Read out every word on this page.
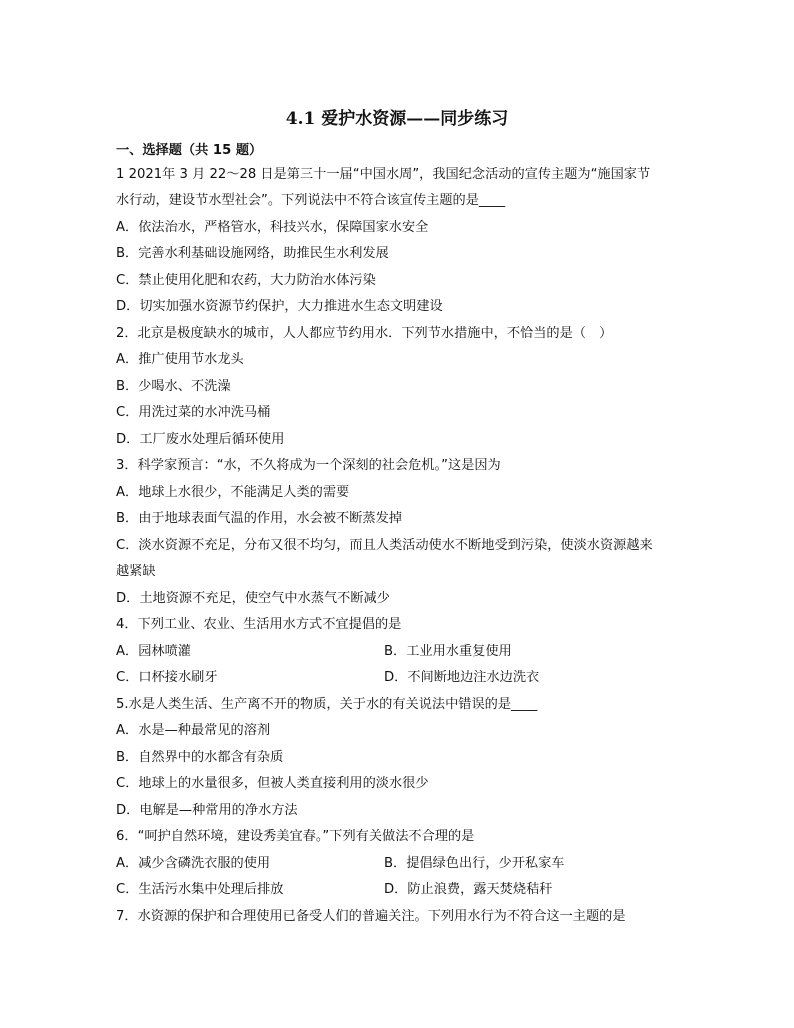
4.1 爱护水资源——同步练习
一、选择题（共 15 题）
1 2021年 3 月 22～28 日是第三十一届“中国水周”，我国纪念活动的宣传主题为“施国家节
水行动，建设节水型社会”。下列说法中不符合该宣传主题的是____
A．依法治水，严格管水，科技兴水，保障国家水安全
B．完善水利基础设施网络，助推民生水利发展
C．禁止使用化肥和农药，大力防治水体污染
D．切实加强水资源节约保护，大力推进水生态文明建设
2．北京是极度缺水的城市，人人都应节约用水．下列节水措施中，不恰当的是（　）
A．推广使用节水龙头
B．少喝水、不洗澡
C．用洗过菜的水冲洗马桶
D．工厂废水处理后循环使用
3．科学家预言：“水，不久将成为一个深刻的社会危机。”这是因为
A．地球上水很少，不能满足人类的需要
B．由于地球表面气温的作用，水会被不断蒸发掉
C．淡水资源不充足，分布又很不均匀，而且人类活动使水不断地受到污染，使淡水资源越来
越紧缺
D．土地资源不充足，使空气中水蒸气不断减少
4．下列工业、农业、生活用水方式不宜提倡的是
A．园林喷灌	B．工业用水重复使用
C．口杯接水刷牙	D．不间断地边注水边洗衣
5.水是人类生活、生产离不开的物质，关于水的有关说法中错误的是____
A．水是—种最常见的溶剂
B．自然界中的水都含有杂质
C．地球上的水量很多，但被人类直接利用的淡水很少
D．电解是—种常用的净水方法
6．“呵护自然环境，建设秀美宜春。”下列有关做法不合理的是
A．减少含磷洗衣服的使用	B．提倡绿色出行，少开私家车
C．生活污水集中处理后排放	D．防止浪费，露天焚烧秸秆
7．水资源的保护和合理使用已备受人们的普遍关注。下列用水行为不符合这一主题的是
